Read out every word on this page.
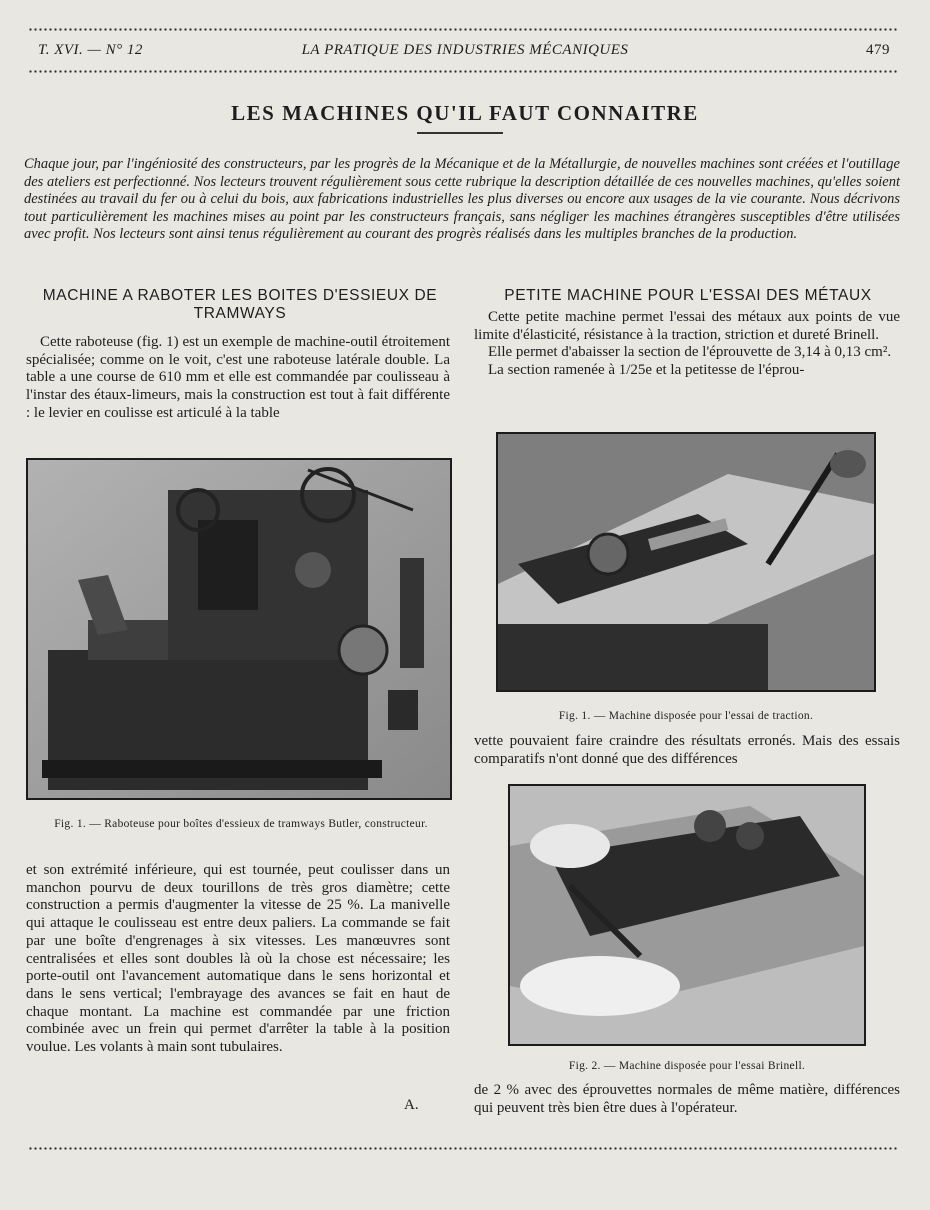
T. XVI. — N° 12	LA PRATIQUE DES INDUSTRIES MÉCANIQUES	479
LES MACHINES QU'IL FAUT CONNAITRE
Chaque jour, par l'ingéniosité des constructeurs, par les progrès de la Mécanique et de la Métallurgie, de nouvelles machines sont créées et l'outillage des ateliers est perfectionné. Nos lecteurs trouvent régulièrement sous cette rubrique la description détaillée de ces nouvelles machines, qu'elles soient destinées au travail du fer ou à celui du bois, aux fabrications industrielles les plus diverses ou encore aux usages de la vie courante. Nous décrivons tout particulièrement les machines mises au point par les constructeurs français, sans négliger les machines étrangères susceptibles d'être utilisées avec profit. Nos lecteurs sont ainsi tenus régulièrement au courant des progrès réalisés dans les multiples branches de la production.
MACHINE A RABOTER LES BOITES D'ESSIEUX DE TRAMWAYS

Cette raboteuse (fig. 1) est un exemple de machine-outil étroitement spécialisée; comme on le voit, c'est une raboteuse latérale double. La table a une course de 610 mm et elle est commandée par coulisseau à l'instar des étaux-limeurs, mais la construction est tout à fait différente : le levier en coulisse est articulé à la table

Fig. 1. — Raboteuse pour boîtes d'essieux de tramways Butler, constructeur.

et son extrémité inférieure, qui est tournée, peut coulisser dans un manchon pourvu de deux tourillons de très gros diamètre; cette construction a permis d'augmenter la vitesse de 25 %. La manivelle qui attaque le coulisseau est entre deux paliers. La commande se fait par une boîte d'engrenages à six vitesses. Les manœuvres sont centralisées et elles sont doubles là où la chose est nécessaire; les porte-outil ont l'avancement automatique dans le sens horizontal et dans le sens vertical; l'embrayage des avances se fait en haut de chaque montant. La machine est commandée par une friction combinée avec un frein qui permet d'arrêter la table à la position voulue. Les volants à main sont tubulaires.

A.
PETITE MACHINE POUR L'ESSAI DES MÉTAUX

Cette petite machine permet l'essai des métaux aux points de vue limite d'élasticité, résistance à la traction, striction et dureté Brinell.

Elle permet d'abaisser la section de l'éprouvette de 3,14 à 0,13 cm².

La section ramenée à 1/25e et la petitesse de l'éprou-

Fig. 1. — Machine disposée pour l'essai de traction.

vette pouvaient faire craindre des résultats erronés. Mais des essais comparatifs n'ont donné que des différences

Fig. 2. — Machine disposée pour l'essai Brinell.

de 2 % avec des éprouvettes normales de même matière, différences qui peuvent très bien être dues à l'opérateur.
